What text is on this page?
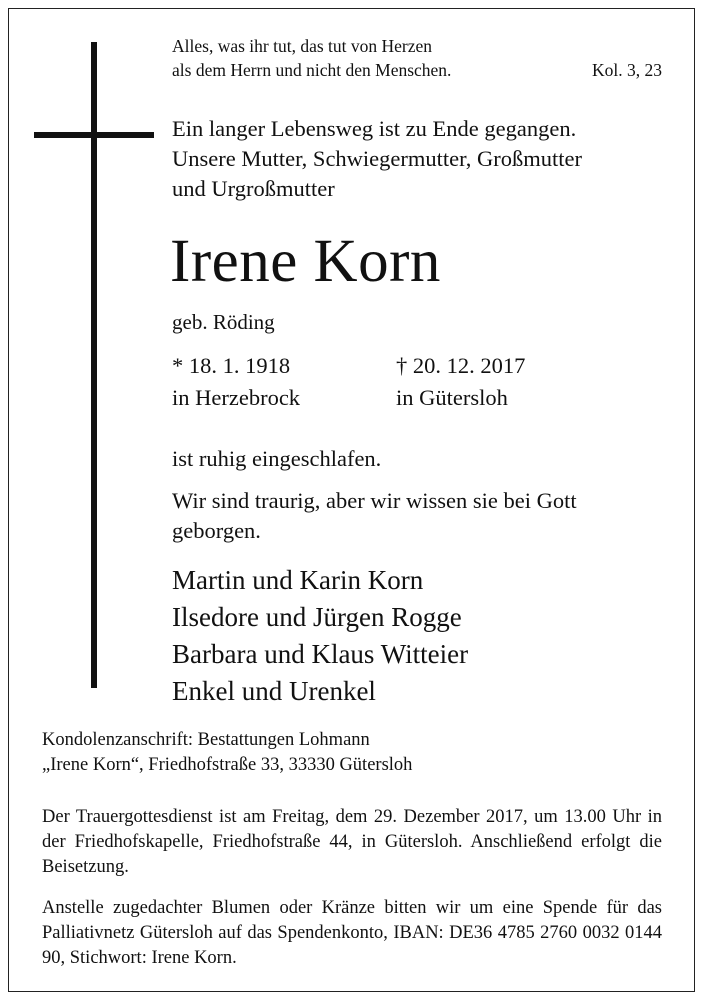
Alles, was ihr tut, das tut von Herzen
als dem Herrn und nicht den Menschen.	Kol. 3, 23
Ein langer Lebensweg ist zu Ende gegangen.
Unsere Mutter, Schwiegermutter, Großmutter
und Urgroßmutter
Irene Korn
geb. Röding
* 18. 1. 1918
in Herzebrock
† 20. 12. 2017
in Gütersloh
ist ruhig eingeschlafen.
Wir sind traurig, aber wir wissen sie bei Gott
geborgen.
Martin und Karin Korn
Ilsedore und Jürgen Rogge
Barbara und Klaus Witteier
Enkel und Urenkel
Kondolenzanschrift: Bestattungen Lohmann
„Irene Korn“, Friedhofstraße 33, 33330 Gütersloh

Der Trauergottesdienst ist am Freitag, dem 29. Dezember 2017, um 13.00 Uhr in der Friedhofskapelle, Friedhofstraße 44, in Gütersloh. Anschließend erfolgt die Beisetzung.

Anstelle zugedachter Blumen oder Kränze bitten wir um eine Spende für das Palliativnetz Gütersloh auf das Spendenkonto, IBAN: DE36 4785 2760 0032 0144 90, Stichwort: Irene Korn.
